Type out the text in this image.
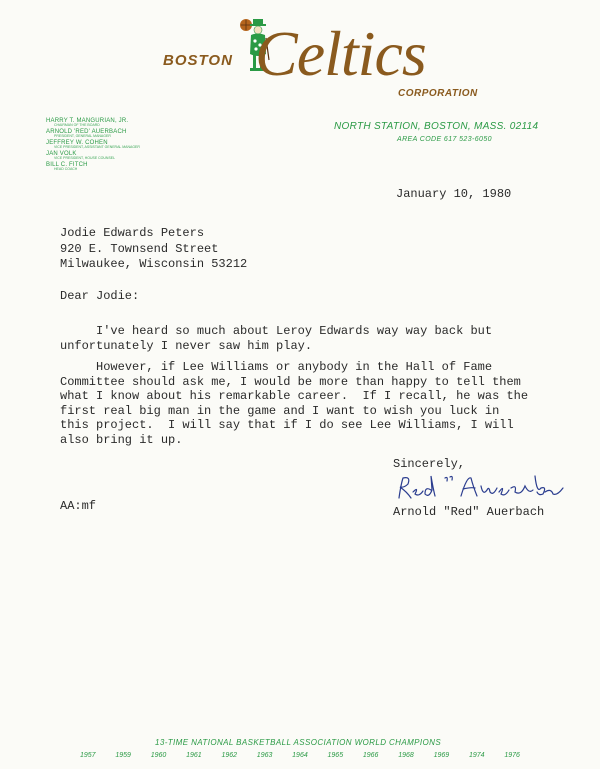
BOSTON Celtics
CORPORATION
NORTH STATION, BOSTON, MASS. 02114
AREA CODE 617 523-6050
HARRY T. MANGURIAN, JR.
CHAIRMAN OF THE BOARD
ARNOLD 'RED' AUERBACH
PRESIDENT, GENERAL MANAGER
JEFFREY W. COHEN
VICE PRESIDENT, ASSISTANT GENERAL MANAGER
JAN VOLK
VICE PRESIDENT, HOUSE COUNSEL
BILL C. FITCH
HEAD COACH
January 10, 1980
Jodie Edwards Peters
920 E. Townsend Street
Milwaukee, Wisconsin 53212
Dear Jodie:
I've heard so much about Leroy Edwards way way back but
unfortunately I never saw him play.
However, if Lee Williams or anybody in the Hall of Fame
Committee should ask me, I would be more than happy to tell them
what I know about his remarkable career.  If I recall, he was the
first real big man in the game and I want to wish you luck in
this project.  I will say that if I do see Lee Williams, I will
also bring it up.
Sincerely,
Arnold "Red" Auerbach
AA:mf
13-TIME NATIONAL BASKETBALL ASSOCIATION WORLD CHAMPIONS
1957	1959	1960	1961	1962	1963	1964	1965	1966	1968	1969	1974	1976
